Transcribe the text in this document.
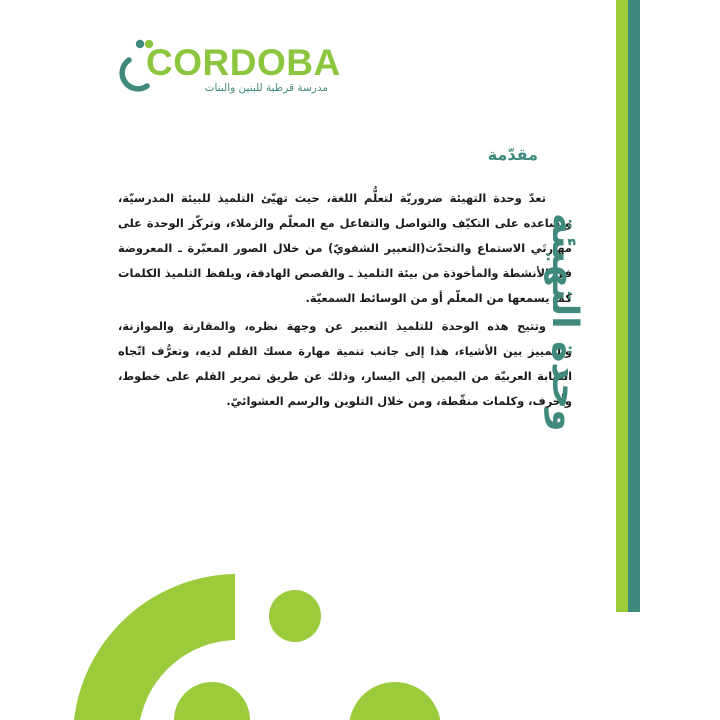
CORDOBA
مدرسة قرطبة للبنين والبنات
مقدّمة

تعدّ وحدة التهيئة ضروريّة لتعلُّم اللغة، حيث تهيّئ التلميذ للبيئة المدرسيّة، وتساعده على التكيّف والتواصل والتفاعل مع المعلّم والزملاء، وتركّز الوحدة على مهارتَي الاستماع والتحدّث(التعبير الشفويّ) من خلال الصور المعبّرة ـ المعروضة في الأنشطة والمأخوذة من بيئة التلميذ ـ والقصص الهادفة، ويلفظ التلميذ الكلمات كما يسمعها من المعلّم أو من الوسائط السمعيّة.

وتتيح هذه الوحدة للتلميذ التعبير عن وجهة نظره، والمقارنة والموازنة، والتمييز بين الأشياء، هذا إلى جانب تنمية مهارة مسك القلم لديه، وتعرُّف اتّجاه الكتابة العربيّة من اليمين إلى اليسار، وذلك عن طريق تمرير القلم على خطوط، وأحرف، وكلمات منقّطة، ومن خلال التلوين والرسم العشوائيّ.

وحدة التهيئة
